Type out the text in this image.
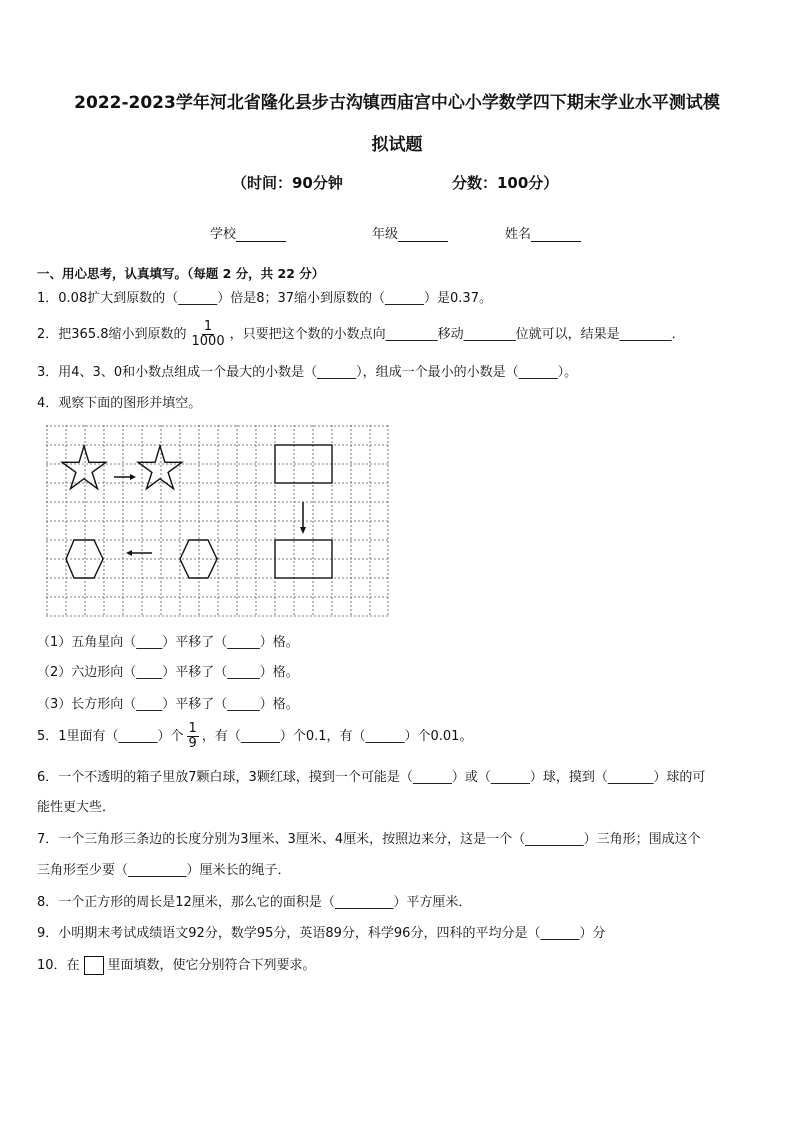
2022-2023学年河北省隆化县步古沟镇西庙宫中心小学数学四下期末学业水平测试模
拟试题
（时间：90分钟	分数：100分）
学校	年级	姓名
一、用心思考，认真填写。（每题 2 分，共 22 分）
1．0.08扩大到原数的（______）倍是8；37缩小到原数的（______）是0.37。
2．把365.8缩小到原数的 $\frac{1}{1000}$ ，只要把这个数的小数点向________移动________位就可以，结果是________．
3．用4、3、0和小数点组成一个最大的小数是（______），组成一个最小的小数是（______）。
4．观察下面的图形并填空。
（1）五角星向（____）平移了（_____）格。
（2）六边形向（____）平移了（_____）格。
（3）长方形向（____）平移了（_____）格。
5．1里面有（______）个 $\frac{1}{9}$ ，有（______）个0.1，有（______）个0.01。
6．一个不透明的箱子里放7颗白球，3颗红球，摸到一个可能是（______）或（______）球，摸到（_______）球的可
能性更大些．
7．一个三角形三条边的长度分别为3厘米、3厘米、4厘米，按照边来分，这是一个（_________）三角形；围成这个
三角形至少要（_________）厘米长的绳子．
8．一个正方形的周长是12厘米，那么它的面积是（_________）平方厘米．
9．小明期末考试成绩语文92分，数学95分，英语89分，科学96分，四科的平均分是（______）分
10．在 里面填数，使它分别符合下列要求。
